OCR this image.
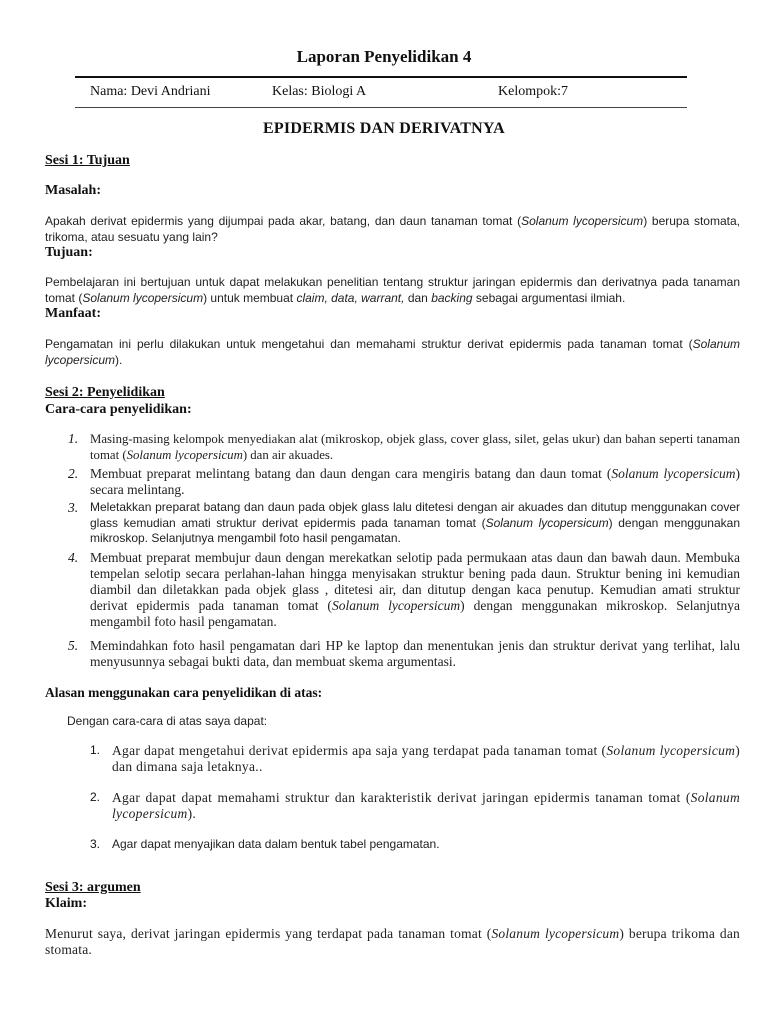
Laporan Penyelidikan 4
Nama: Devi Andriani	Kelas: Biologi A	Kelompok:7
EPIDERMIS DAN DERIVATNYA
Sesi 1: Tujuan
Masalah:
Apakah derivat epidermis yang dijumpai pada akar, batang, dan daun tanaman tomat (Solanum lycopersicum) berupa stomata, trikoma, atau sesuatu yang lain?
Tujuan:
Pembelajaran ini bertujuan untuk dapat melakukan penelitian tentang struktur jaringan epidermis dan derivatnya pada tanaman tomat (Solanum lycopersicum) untuk membuat claim, data, warrant, dan backing sebagai argumentasi ilmiah.
Manfaat:
Pengamatan ini perlu dilakukan untuk mengetahui dan memahami struktur derivat epidermis pada tanaman tomat (Solanum lycopersicum).
Sesi 2: Penyelidikan
Cara-cara penyelidikan:
1. Masing-masing kelompok menyediakan alat (mikroskop, objek glass, cover glass, silet, gelas ukur) dan bahan seperti tanaman tomat (Solanum lycopersicum) dan air akuades.
2. Membuat preparat melintang batang dan daun dengan cara mengiris batang dan daun tomat (Solanum lycopersicum) secara melintang.
3. Meletakkan preparat batang dan daun pada objek glass lalu ditetesi dengan air akuades dan ditutup menggunakan cover glass kemudian amati struktur derivat epidermis pada tanaman tomat (Solanum lycopersicum) dengan menggunakan mikroskop. Selanjutnya mengambil foto hasil pengamatan.
4. Membuat preparat membujur daun dengan merekatkan selotip pada permukaan atas daun dan bawah daun. Membuka tempelan selotip secara perlahan-lahan hingga menyisakan struktur bening pada daun. Struktur bening ini kemudian diambil dan diletakkan pada objek glass , ditetesi air, dan ditutup dengan kaca penutup. Kemudian amati struktur derivat epidermis pada tanaman tomat (Solanum lycopersicum) dengan menggunakan mikroskop. Selanjutnya mengambil foto hasil pengamatan.
5. Memindahkan foto hasil pengamatan dari HP ke laptop dan menentukan jenis dan struktur derivat yang terlihat, lalu menyusunnya sebagai bukti data, dan membuat skema argumentasi.
Alasan menggunakan cara penyelidikan di atas:
Dengan cara-cara di atas saya dapat:
1. Agar dapat mengetahui derivat epidermis apa saja yang terdapat pada tanaman tomat (Solanum lycopersicum) dan dimana saja letaknya..
2. Agar dapat dapat memahami struktur dan karakteristik derivat jaringan epidermis tanaman tomat (Solanum lycopersicum).
3. Agar dapat menyajikan data dalam bentuk tabel pengamatan.
Sesi 3: argumen
Klaim:
Menurut saya, derivat jaringan epidermis yang terdapat pada tanaman tomat (Solanum lycopersicum) berupa trikoma dan stomata.
